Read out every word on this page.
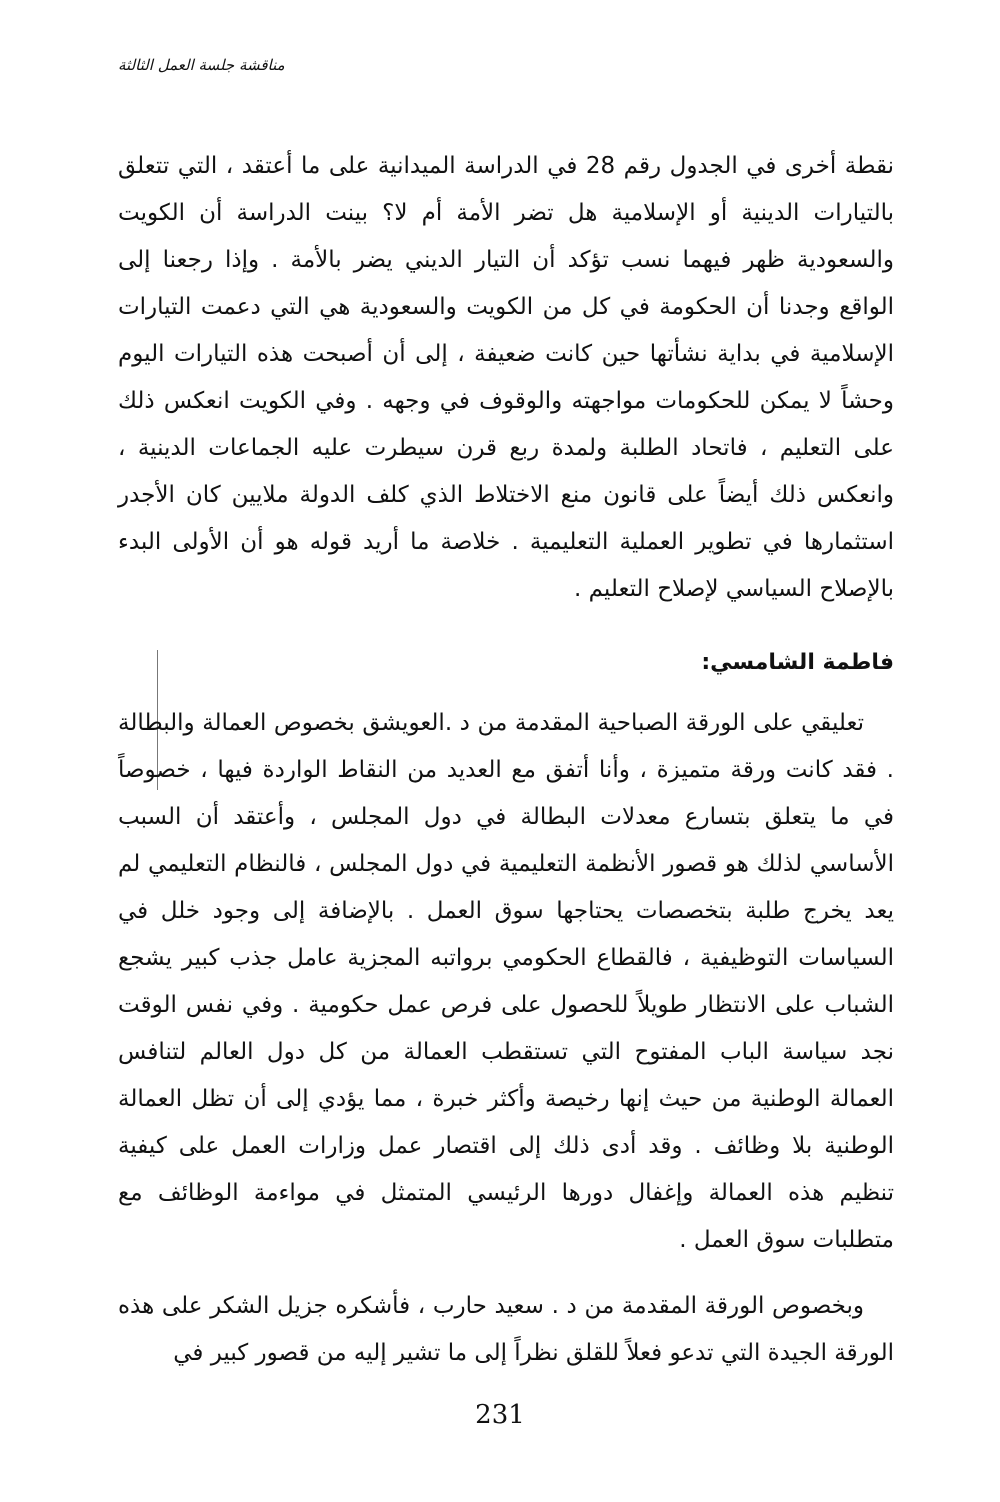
مناقشة جلسة العمل الثالثة

نقطة أخرى في الجدول رقم 28 في الدراسة الميدانية على ما أعتقد ، التي تتعلق بالتيارات الدينية أو الإسلامية هل تضر الأمة أم لا؟ بينت الدراسة أن الكويت والسعودية ظهر فيهما نسب تؤكد أن التيار الديني يضر بالأمة . وإذا رجعنا إلى الواقع وجدنا أن الحكومة في كل من الكويت والسعودية هي التي دعمت التيارات الإسلامية في بداية نشأتها حين كانت ضعيفة ، إلى أن أصبحت هذه التيارات اليوم وحشاً لا يمكن للحكومات مواجهته والوقوف في وجهه . وفي الكويت انعكس ذلك على التعليم ، فاتحاد الطلبة ولمدة ربع قرن سيطرت عليه الجماعات الدينية ، وانعكس ذلك أيضاً على قانون منع الاختلاط الذي كلف الدولة ملايين كان الأجدر استثمارها في تطوير العملية التعليمية . خلاصة ما أريد قوله هو أن الأولى البدء بالإصلاح السياسي لإصلاح التعليم .

فاطمة الشامسي:

تعليقي على الورقة الصباحية المقدمة من د .العويشق بخصوص العمالة والبطالة . فقد كانت ورقة متميزة ، وأنا أتفق مع العديد من النقاط الواردة فيها ، خصوصاً في ما يتعلق بتسارع معدلات البطالة في دول المجلس ، وأعتقد أن السبب الأساسي لذلك هو قصور الأنظمة التعليمية في دول المجلس ، فالنظام التعليمي لم يعد يخرج طلبة بتخصصات يحتاجها سوق العمل . بالإضافة إلى وجود خلل في السياسات التوظيفية ، فالقطاع الحكومي برواتبه المجزية عامل جذب كبير يشجع الشباب على الانتظار طويلاً للحصول على فرص عمل حكومية . وفي نفس الوقت نجد سياسة الباب المفتوح التي تستقطب العمالة من كل دول العالم لتنافس العمالة الوطنية من حيث إنها رخيصة وأكثر خبرة ، مما يؤدي إلى أن تظل العمالة الوطنية بلا وظائف . وقد أدى ذلك إلى اقتصار عمل وزارات العمل على كيفية تنظيم هذه العمالة وإغفال دورها الرئيسي المتمثل في مواءمة الوظائف مع متطلبات سوق العمل .

وبخصوص الورقة المقدمة من د . سعيد حارب ، فأشكره جزيل الشكر على هذه الورقة الجيدة التي تدعو فعلاً للقلق نظراً إلى ما تشير إليه من قصور كبير في

231
